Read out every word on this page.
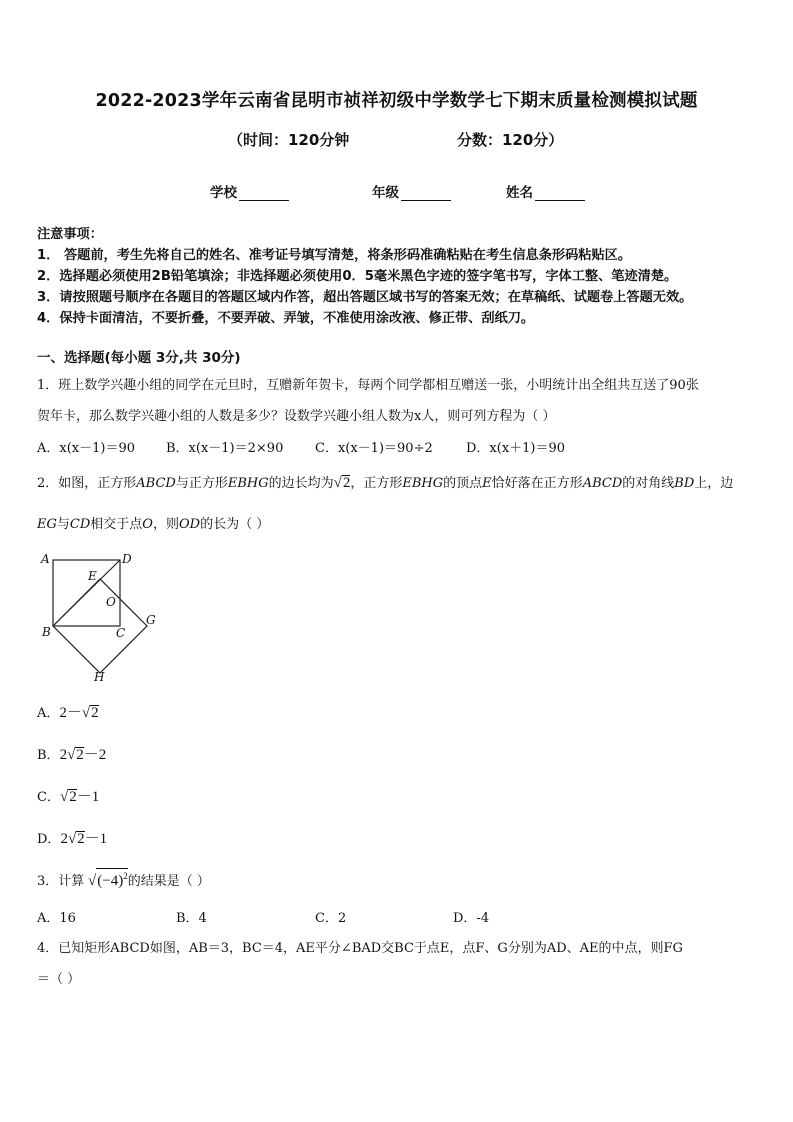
2022-2023学年云南省昆明市祯祥初级中学数学七下期末质量检测模拟试题
（时间：120分钟	分数：120分）
学校	年级	姓名
注意事项：
1． 答题前，考生先将自己的姓名、准考证号填写清楚，将条形码准确粘贴在考生信息条形码粘贴区。
2．选择题必须使用2B铅笔填涂；非选择题必须使用0．5毫米黑色字迹的签字笔书写，字体工整、笔迹清楚。
3．请按照题号顺序在各题目的答题区域内作答，超出答题区域书写的答案无效；在草稿纸、试题卷上答题无效。
4．保持卡面清洁，不要折叠，不要弄破、弄皱，不准使用涂改液、修正带、刮纸刀。
一、选择题(每小题 3分,共 30分)
1．班上数学兴趣小组的同学在元旦时，互赠新年贺卡，每两个同学都相互赠送一张，小明统计出全组共互送了90张
贺年卡，那么数学兴趣小组的人数是多少？设数学兴趣小组人数为x人，则可列方程为（ ）
A．x(x－1)＝90 B．x(x－1)＝2×90 C．x(x－1)＝90÷2	D．x(x＋1)＝90
2．如图，正方形ABCD与正方形EBHG的边长均为√2，正方形EBHG的顶点E恰好落在正方形ABCD的对角线BD上，边
EG与CD相交于点O，则OD的长为（ ）
A	D
E
O
G
B	C
H
A．2－√2
B．2√2－2
C．√2－1
D．2√2－1
3．计算 $√(-4)^2$的结果是（ ）
A．16	B．4	C．2	D．-4
4．已知矩形ABCD如图，AB＝3，BC＝4，AE平分∠BAD交BC于点E，点F、G分别为AD、AE的中点，则FG
＝（ ）
